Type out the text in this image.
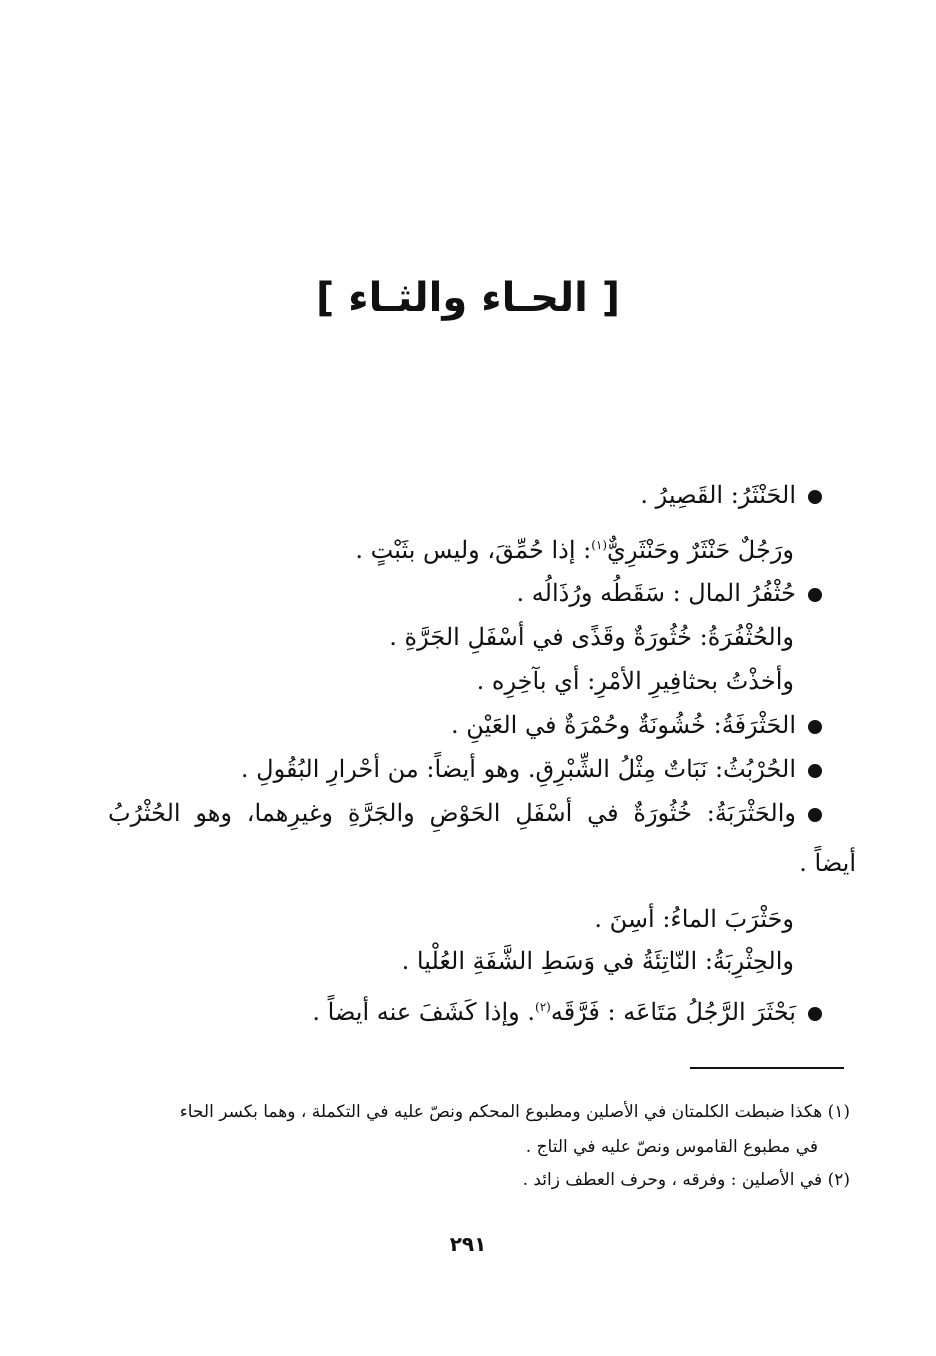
[ الحـاء والثـاء ]
الحَنْثَرُ: القَصِيرُ .
ورَجُلٌ حَنْثَرٌ وحَنْثَرِيٌّ$^{(١)}$: إذا حُمِّقَ، وليس بثَبْتٍ .
حُثْفُرُ المال : سَقَطُه ورُذَالُه .
والحُثْفُرَةُ: خُثُورَةٌ وقَذًى في أسْفَلِ الجَرَّةِ .
وأخذْتُ بحثافِيرِ الأمْرِ: أي بآخِرِه .
الحَثْرَفَةُ: خُشُونَةٌ وحُمْرَةٌ في العَيْنِ .
الحُرْبُثُ: نَبَاتٌ مِثْلُ الشِّبْرِقِ. وهو أيضاً: من أحْرارِ البُقُولِ .
والحَثْرَبَةُ: خُثُورَةٌ في أسْفَلِ الحَوْضِ والجَرَّةِ وغيرِهما، وهو الحُثْرُبُ
أيضاً .
وحَثْرَبَ الماءُ: أسِنَ .
والحِثْرِبَةُ: النّاتِئَةُ في وَسَطِ الشَّفَةِ العُلْيا .
بَحْثَرَ الرَّجُلُ مَتَاعَه : فَرَّقَه$^{(٢)}$. وإذا كَشَفَ عنه أيضاً .
(١) هكذا ضبطت الكلمتان في الأصلين ومطبوع المحكم ونصّ عليه في التكملة ، وهما بكسر الحاء
في مطبوع القاموس ونصّ عليه في التاج .
(٢) في الأصلين : وفرقه ، وحرف العطف زائد .
٢٩١
